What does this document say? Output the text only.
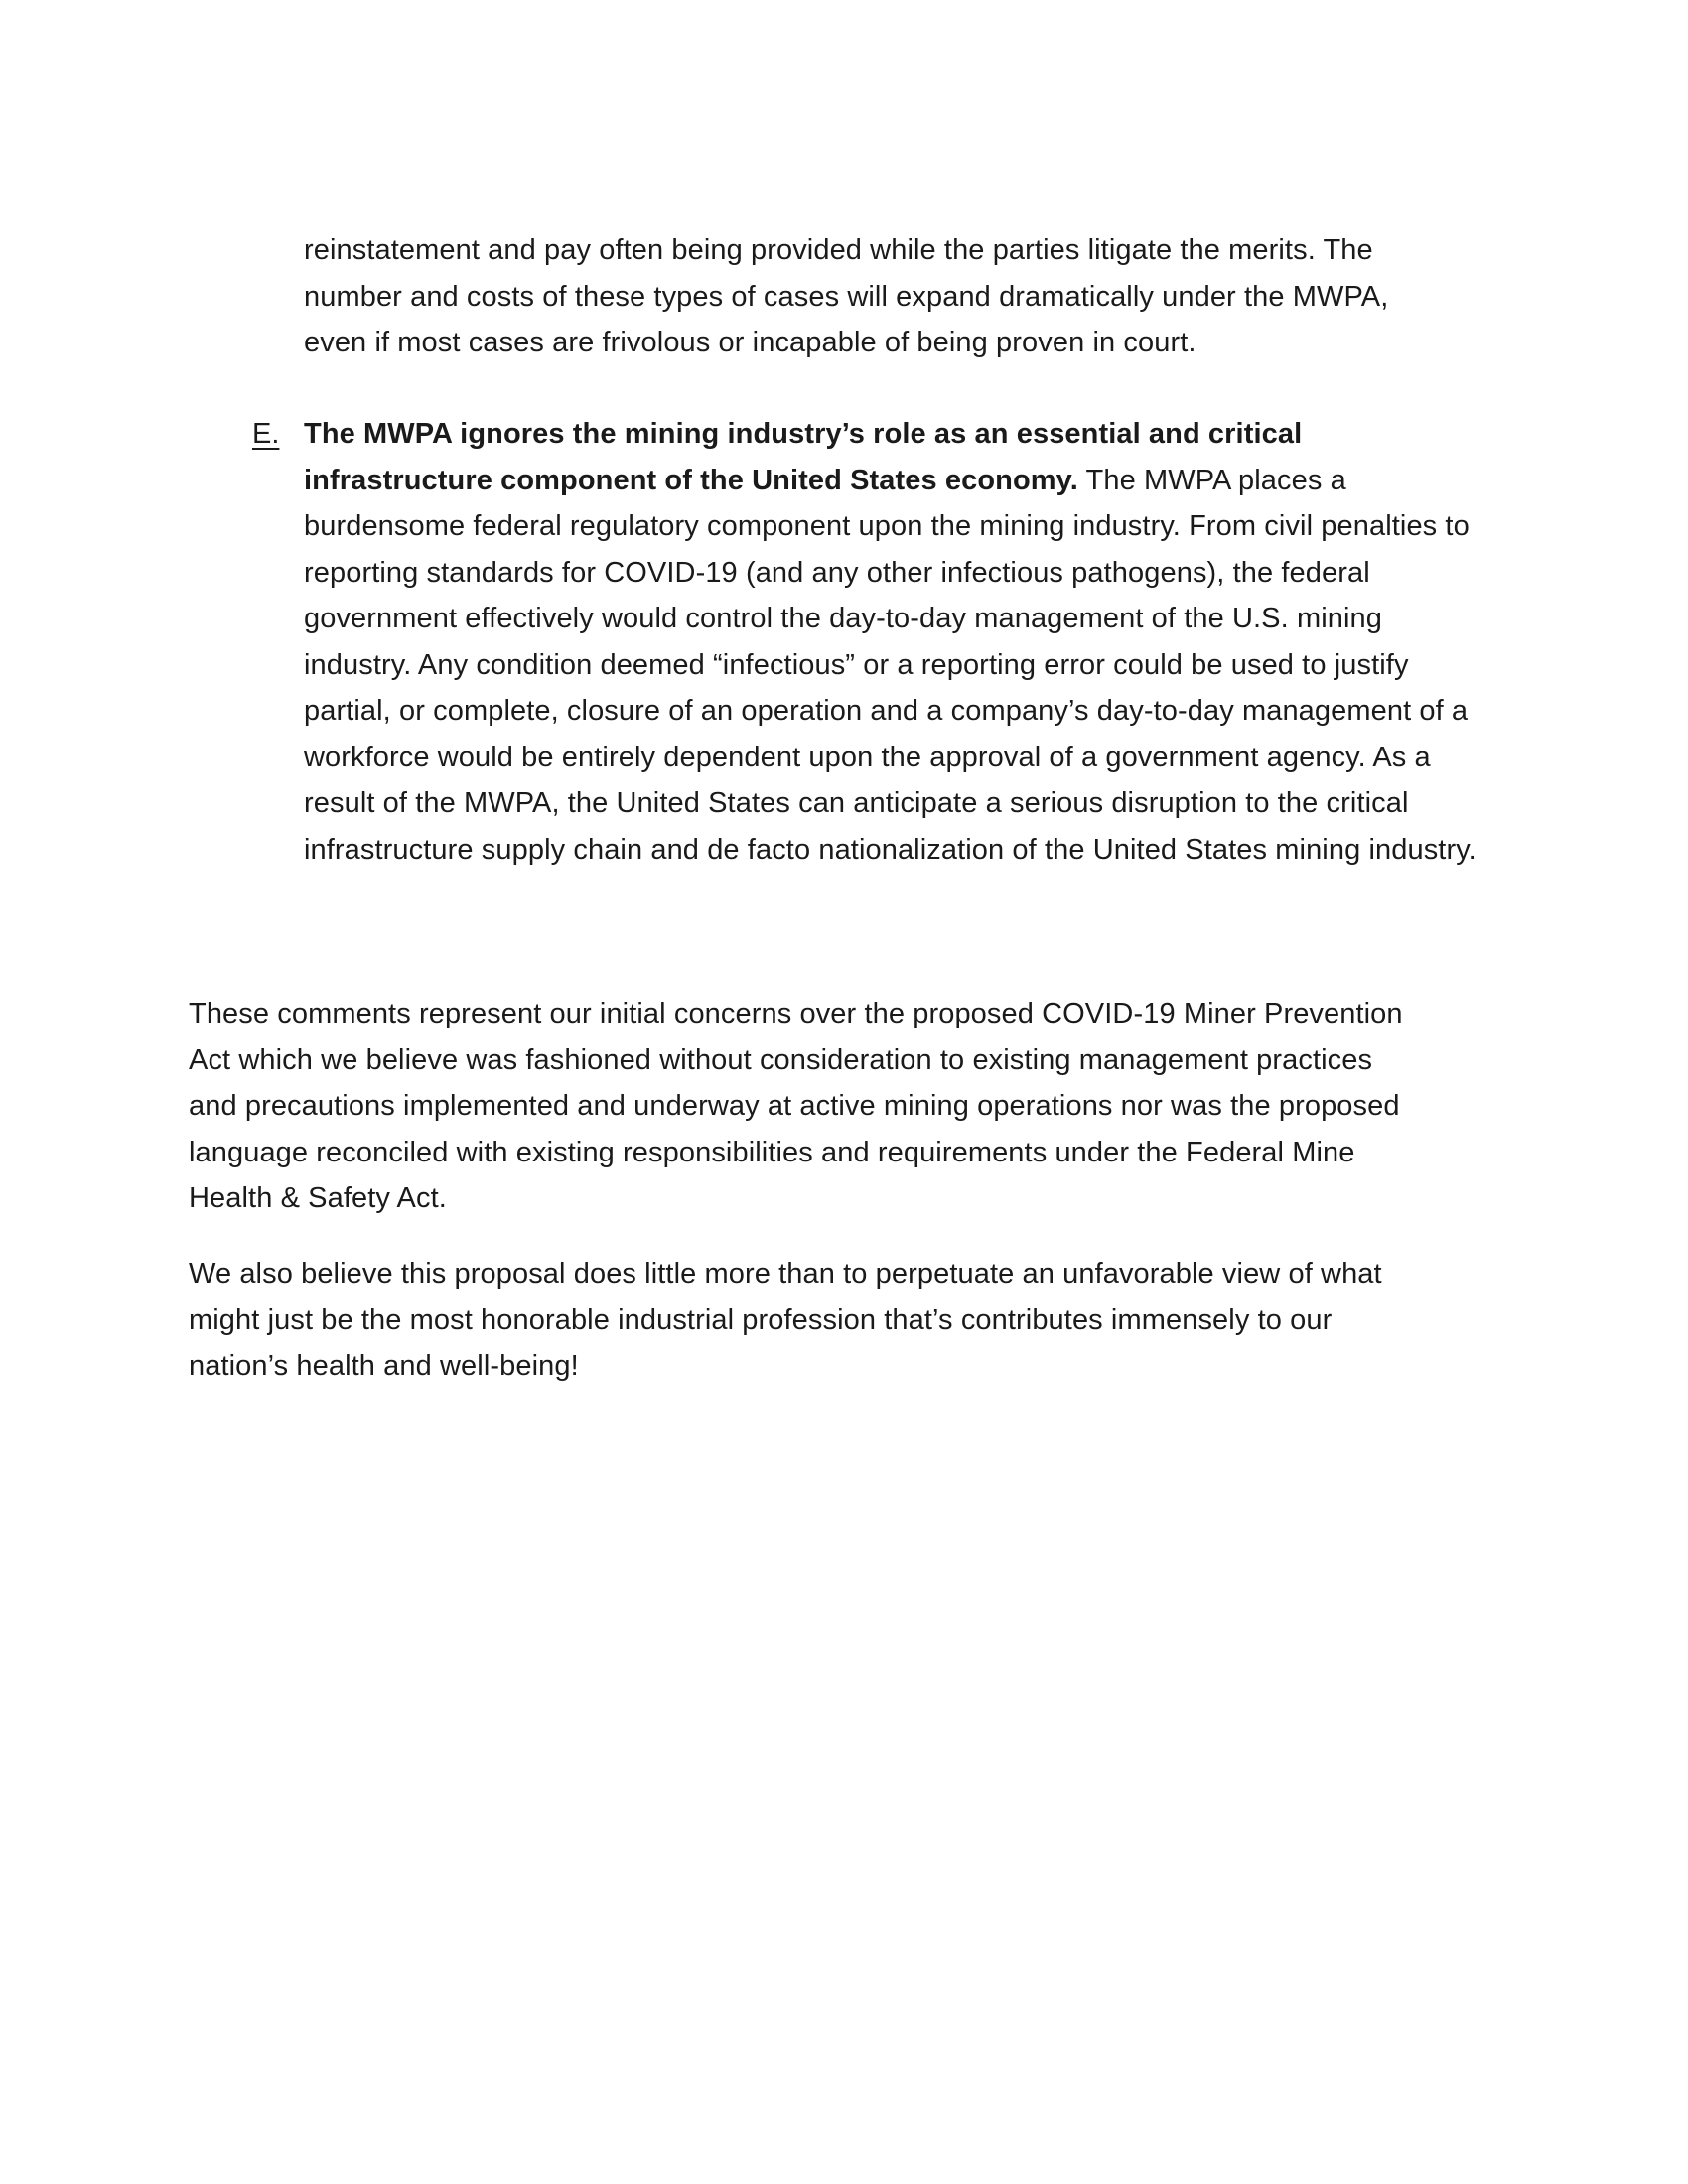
reinstatement and pay often being provided while the parties litigate the merits. The
number and costs of these types of cases will expand dramatically under the MWPA,
even if most cases are frivolous or incapable of being proven in court.

E. The MWPA ignores the mining industry’s role as an essential and critical infrastructure component of the United States economy. The MWPA places a burdensome federal regulatory component upon the mining industry. From civil penalties to reporting standards for COVID-19 (and any other infectious pathogens), the federal government effectively would control the day-to-day management of the U.S. mining industry. Any condition deemed “infectious” or a reporting error could be used to justify partial, or complete, closure of an operation and a company’s day-to-day management of a workforce would be entirely dependent upon the approval of a government agency. As a result of the MWPA, the United States can anticipate a serious disruption to the critical infrastructure supply chain and de facto nationalization of the United States mining industry.

These comments represent our initial concerns over the proposed COVID-19 Miner Prevention
Act which we believe was fashioned without consideration to existing management practices
and precautions implemented and underway at active mining operations nor was the proposed
language reconciled with existing responsibilities and requirements under the Federal Mine
Health & Safety Act.

We also believe this proposal does little more than to perpetuate an unfavorable view of what
might just be the most honorable industrial profession that’s contributes immensely to our
nation’s health and well-being!
